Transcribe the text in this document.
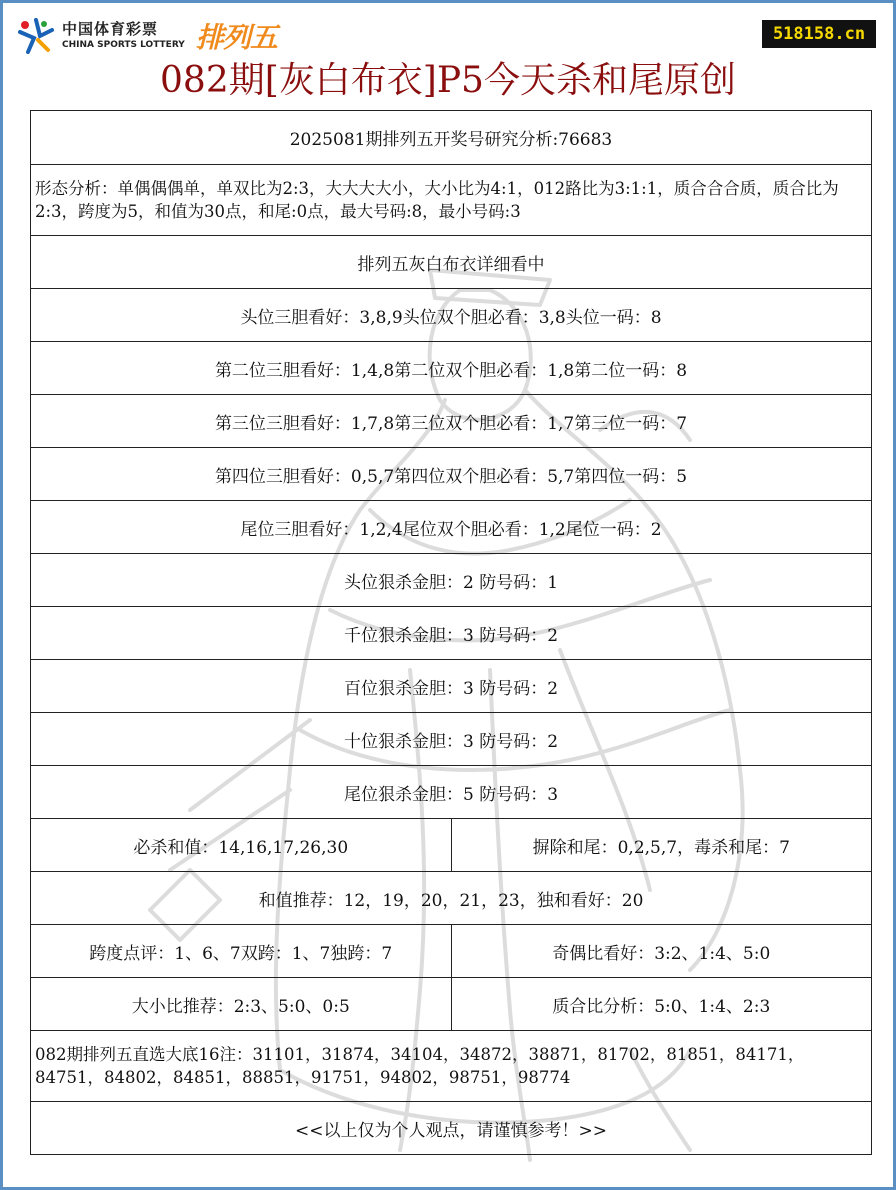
中国体育彩票
CHINA SPORTS LOTTERY 排列五	518158.cn
082期[灰白布衣]P5今天杀和尾原创
2025081期排列五开奖号研究分析:76683
形态分析：单偶偶偶单，单双比为2:3，大大大大小，大小比为4:1，012路比为3:1:1，质合合合质，质合比为2:3，跨度为5，和值为30点，和尾:0点，最大号码:8，最小号码:3
排列五灰白布衣详细看中
头位三胆看好：3,8,9头位双个胆必看：3,8头位一码：8
第二位三胆看好：1,4,8第二位双个胆必看：1,8第二位一码：8
第三位三胆看好：1,7,8第三位双个胆必看：1,7第三位一码：7
第四位三胆看好：0,5,7第四位双个胆必看：5,7第四位一码：5
尾位三胆看好：1,2,4尾位双个胆必看：1,2尾位一码：2
头位狠杀金胆：2 防号码：1
千位狠杀金胆：3 防号码：2
百位狠杀金胆：3 防号码：2
十位狠杀金胆：3 防号码：2
尾位狠杀金胆：5 防号码：3
必杀和值：14,16,17,26,30	摒除和尾：0,2,5,7，毒杀和尾：7
和值推荐：12，19，20，21，23，独和看好：20
跨度点评：1、6、7双跨：1、7独跨：7	奇偶比看好：3:2、1:4、5:0
大小比推荐：2:3、5:0、0:5	质合比分析：5:0、1:4、2:3
082期排列五直选大底16注：31101，31874，34104，34872，38871，81702，81851，84171，84751，84802，84851，88851，91751，94802，98751，98774
<<以上仅为个人观点，请谨慎参考！>>
